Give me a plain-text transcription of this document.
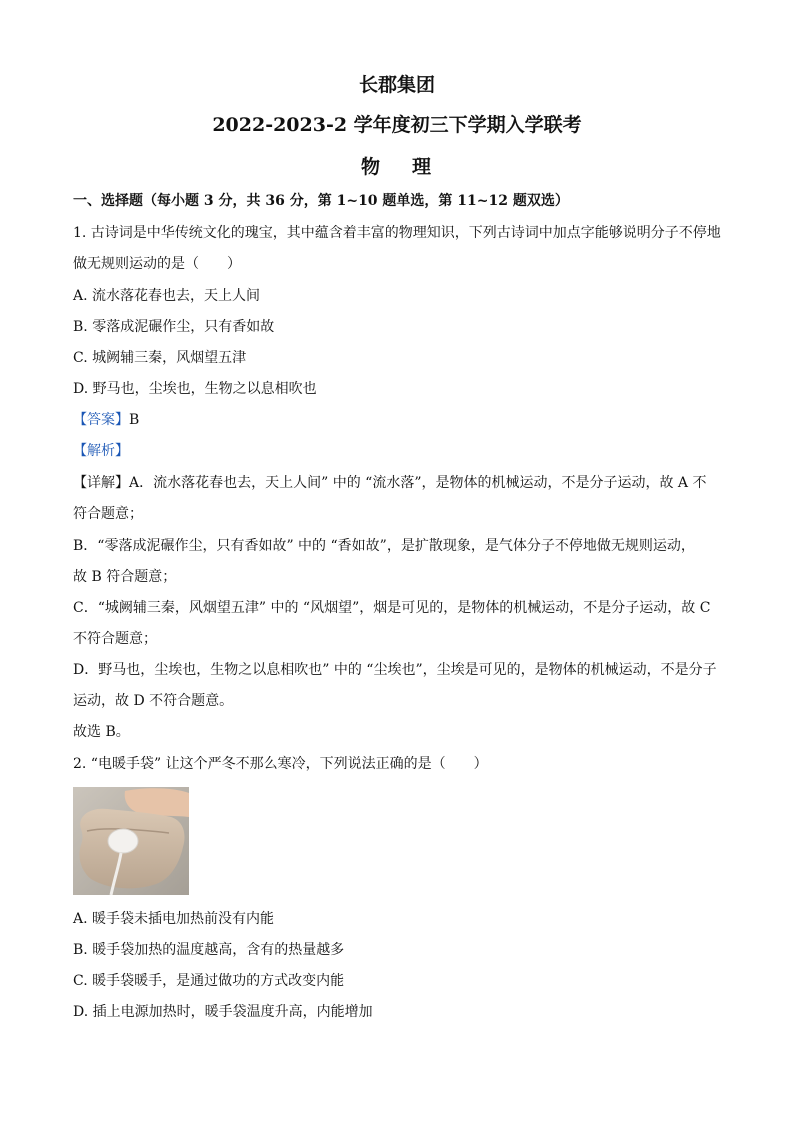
长郡集团
2022-2023-2 学年度初三下学期入学联考
物 理
一、选择题（每小题 3 分，共 36 分，第 1~10 题单选，第 11~12 题双选）
1. 古诗词是中华传统文化的瑰宝，其中蕴含着丰富的物理知识，下列古诗词中加点字能够说明分子不停地
做无规则运动的是（　　）
A. 流水落花春也去，天上人间
B. 零落成泥碾作尘，只有香如故
C. 城阙辅三秦，风烟望五津
D. 野马也，尘埃也，生物之以息相吹也
【答案】B
【解析】
【详解】A．流水落花春也去，天上人间” 中的 “流水落”，是物体的机械运动，不是分子运动，故 A 不
符合题意；
B．“零落成泥碾作尘，只有香如故” 中的 “香如故”，是扩散现象，是气体分子不停地做无规则运动，
故 B 符合题意；
C．“城阙辅三秦，风烟望五津” 中的 “风烟望”，烟是可见的，是物体的机械运动，不是分子运动，故 C
不符合题意；
D．野马也，尘埃也，生物之以息相吹也” 中的 “尘埃也”，尘埃是可见的，是物体的机械运动，不是分子
运动，故 D 不符合题意。
故选 B。
2. “电暖手袋” 让这个严冬不那么寒冷，下列说法正确的是（　　）
A. 暖手袋未插电加热前没有内能
B. 暖手袋加热的温度越高，含有的热量越多
C. 暖手袋暖手，是通过做功的方式改变内能
D. 插上电源加热时，暖手袋温度升高，内能增加
